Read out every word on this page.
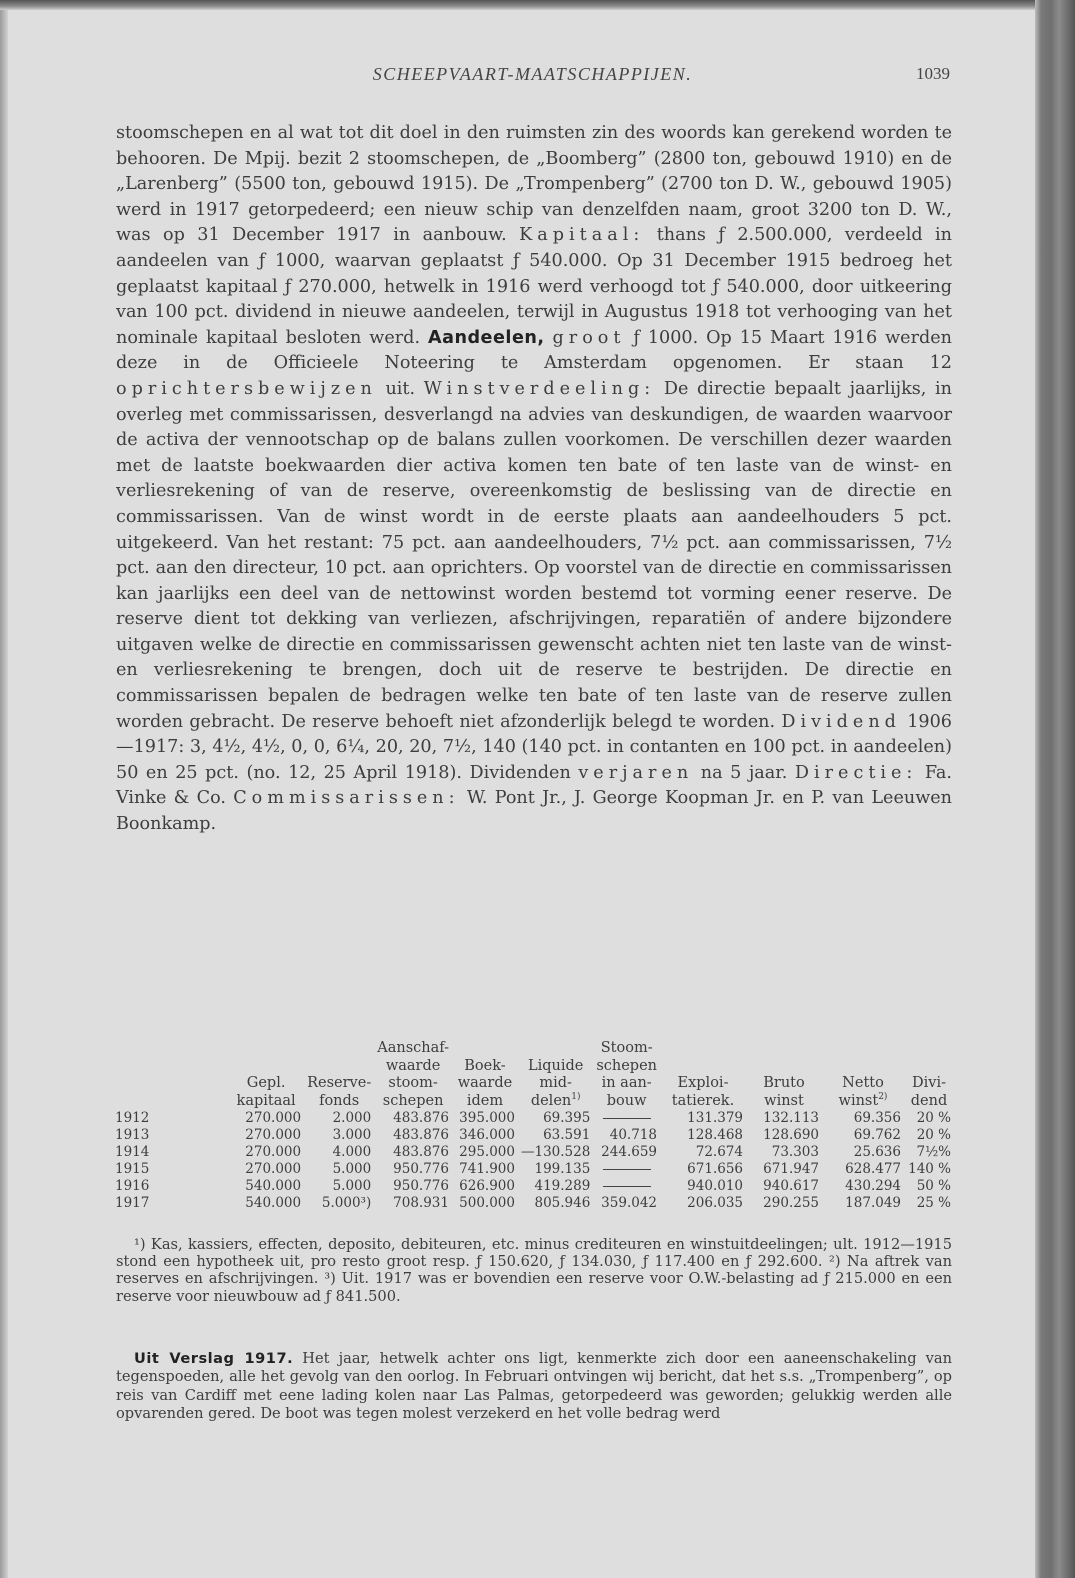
SCHEEPVAART-MAATSCHAPPIJEN.	1039

stoomschepen en al wat tot dit doel in den ruimsten zin des woords kan gerekend worden te behooren. De Mpij. bezit 2 stoomschepen, de „Boomberg” (2800 ton, gebouwd 1910) en de „Larenberg” (5500 ton, gebouwd 1915). De „Trompenberg” (2700 ton D. W., gebouwd 1905) werd in 1917 getorpedeerd; een nieuw schip van denzelfden naam, groot 3200 ton D. W., was op 31 December 1917 in aanbouw. Kapitaal: thans ƒ 2.500.000, verdeeld in aandeelen van ƒ 1000, waarvan geplaatst ƒ 540.000. Op 31 December 1915 bedroeg het geplaatst kapitaal ƒ 270.000, hetwelk in 1916 werd verhoogd tot ƒ 540.000, door uitkeering van 100 pct. dividend in nieuwe aandeelen, terwijl in Augustus 1918 tot verhooging van het nominale kapitaal besloten werd. Aandeelen, groot ƒ 1000. Op 15 Maart 1916 werden deze in de Officieele Noteering te Amsterdam opgenomen. Er staan 12 oprichtersbewijzen uit. Winstverdeeling: De directie bepaalt jaarlijks, in overleg met commissarissen, desverlangd na advies van deskundigen, de waarden waarvoor de activa der vennootschap op de balans zullen voorkomen. De verschillen dezer waarden met de laatste boekwaarden dier activa komen ten bate of ten laste van de winst- en verliesrekening of van de reserve, overeenkomstig de beslissing van de directie en commissarissen. Van de winst wordt in de eerste plaats aan aandeelhouders 5 pct. uitgekeerd. Van het restant: 75 pct. aan aandeelhouders, 7½ pct. aan commissarissen, 7½ pct. aan den directeur, 10 pct. aan oprichters. Op voorstel van de directie en commissarissen kan jaarlijks een deel van de nettowinst worden bestemd tot vorming eener reserve. De reserve dient tot dekking van verliezen, afschrijvingen, reparatiën of andere bijzondere uitgaven welke de directie en commissarissen gewenscht achten niet ten laste van de winst- en verliesrekening te brengen, doch uit de reserve te bestrijden. De directie en commissarissen bepalen de bedragen welke ten bate of ten laste van de reserve zullen worden gebracht. De reserve behoeft niet afzonderlijk belegd te worden. Dividend 1906—1917: 3, 4½, 4½, 0, 0, 6¼, 20, 20, 7½, 140 (140 pct. in contanten en 100 pct. in aandeelen) 50 en 25 pct. (no. 12, 25 April 1918). Dividenden verjaren na 5 jaar. Directie: Fa. Vinke & Co. Commissarissen: W. Pont Jr., J. George Koopman Jr. en P. van Leeuwen Boonkamp.

	Gepl. kapitaal	Reserve- fonds	Aanschaf- waarde stoom- schepen	Boek- waarde idem	Liquide mid- delen$^{1)}$	Stoom- schepen in aan- bouw	Exploi- tatierek.	Bruto winst	Netto winst$^{2)}$	Divi- dend
1912	270.000	2.000	483.876	395.000	69.395		131.379	132.113	69.356	20 %
1913	270.000	3.000	483.876	346.000	63.591	40.718	128.468	128.690	69.762	20 %
1914	270.000	4.000	483.876	295.000	—130.528	244.659	72.674	73.303	25.636	7½%
1915	270.000	5.000	950.776	741.900	199.135		671.656	671.947	628.477	140 %
1916	540.000	5.000	950.776	626.900	419.289		940.010	940.617	430.294	50 %
1917	540.000	5.000³)	708.931	500.000	805.946	359.042	206.035	290.255	187.049	25 %

¹) Kas, kassiers, effecten, deposito, debiteuren, etc. minus crediteuren en winstuitdeelingen; ult. 1912—1915 stond een hypotheek uit, pro resto groot resp. ƒ 150.620, ƒ 134.030, ƒ 117.400 en ƒ 292.600. ²) Na aftrek van reserves en afschrijvingen. ³) Uit. 1917 was er bovendien een reserve voor O.W.-belasting ad ƒ 215.000 en een reserve voor nieuwbouw ad ƒ 841.500.

Uit Verslag 1917. Het jaar, hetwelk achter ons ligt, kenmerkte zich door een aaneenschakeling van tegenspoeden, alle het gevolg van den oorlog. In Februari ontvingen wij bericht, dat het s.s. „Trompenberg”, op reis van Cardiff met eene lading kolen naar Las Palmas, getorpedeerd was geworden; gelukkig werden alle opvarenden gered. De boot was tegen molest verzekerd en het volle bedrag werd
